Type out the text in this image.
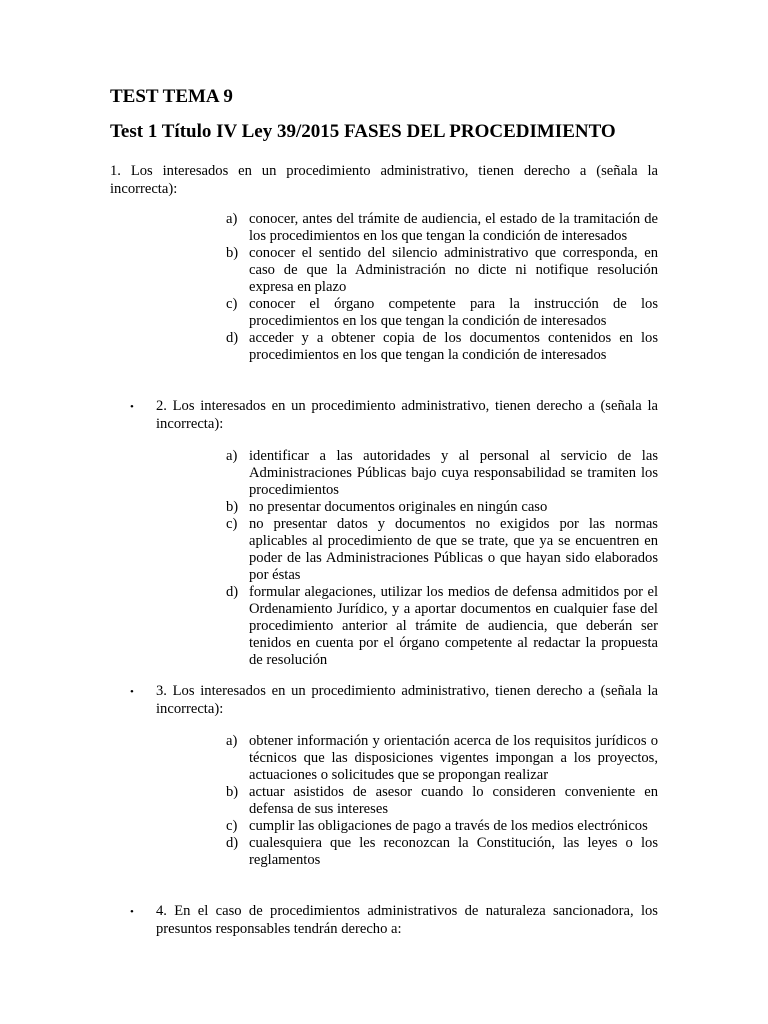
TEST TEMA 9
Test 1 Título IV Ley 39/2015 FASES DEL PROCEDIMIENTO

1. Los interesados en un procedimiento administrativo, tienen derecho a (señala la incorrecta):

a) conocer, antes del trámite de audiencia, el estado de la tramitación de los procedimientos en los que tengan la condición de interesados
b) conocer el sentido del silencio administrativo que corresponda, en caso de que la Administración no dicte ni notifique resolución expresa en plazo
c) conocer el órgano competente para la instrucción de los procedimientos en los que tengan la condición de interesados
d) acceder y a obtener copia de los documentos contenidos en los procedimientos en los que tengan la condición de interesados
• 2. Los interesados en un procedimiento administrativo, tienen derecho a (señala la incorrecta):

a) identificar a las autoridades y al personal al servicio de las Administraciones Públicas bajo cuya responsabilidad se tramiten los procedimientos
b) no presentar documentos originales en ningún caso
c) no presentar datos y documentos no exigidos por las normas aplicables al procedimiento de que se trate, que ya se encuentren en poder de las Administraciones Públicas o que hayan sido elaborados por éstas
d) formular alegaciones, utilizar los medios de defensa admitidos por el Ordenamiento Jurídico, y a aportar documentos en cualquier fase del procedimiento anterior al trámite de audiencia, que deberán ser tenidos en cuenta por el órgano competente al redactar la propuesta de resolución
• 3. Los interesados en un procedimiento administrativo, tienen derecho a (señala la incorrecta):

a) obtener información y orientación acerca de los requisitos jurídicos o técnicos que las disposiciones vigentes impongan a los proyectos, actuaciones o solicitudes que se propongan realizar
b) actuar asistidos de asesor cuando lo consideren conveniente en defensa de sus intereses
c) cumplir las obligaciones de pago a través de los medios electrónicos
d) cualesquiera que les reconozcan la Constitución, las leyes o los reglamentos
• 4. En el caso de procedimientos administrativos de naturaleza sancionadora, los presuntos responsables tendrán derecho a:
